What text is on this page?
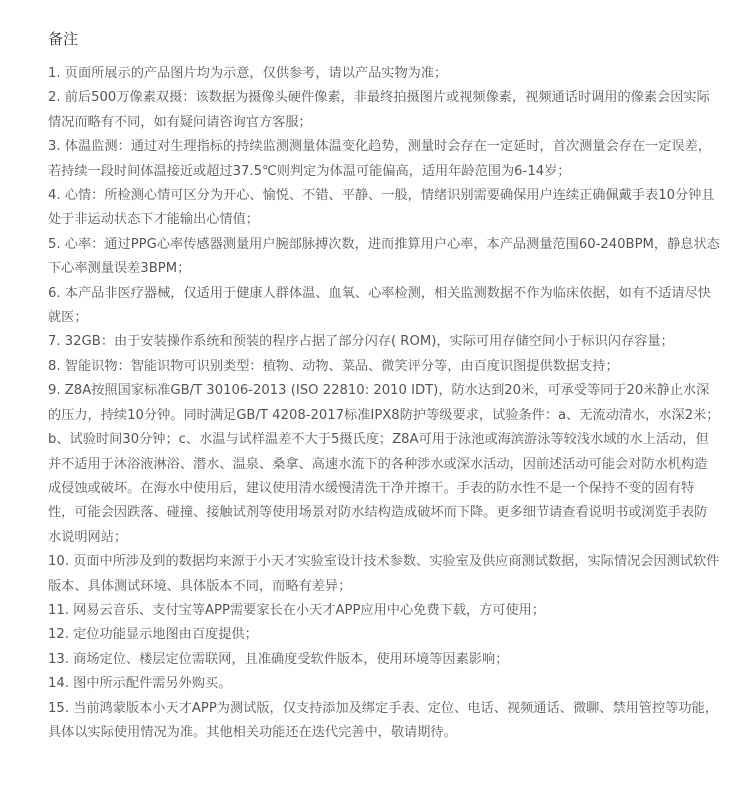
备注
1. 页面所展示的产品图片均为示意，仅供参考，请以产品实物为准；
2. 前后500万像素双摄：该数据为摄像头硬件像素，非最终拍摄图片或视频像素，视频通话时调用的像素会因实际情况而略有不同，如有疑问请咨询官方客服；
3. 体温监测：通过对生理指标的持续监测测量体温变化趋势，测量时会存在一定延时，首次测量会存在一定误差，若持续一段时间体温接近或超过37.5℃则判定为体温可能偏高，适用年龄范围为6-14岁；
4. 心情：所检测心情可区分为开心、愉悦、不错、平静、一般，情绪识别需要确保用户连续正确佩戴手表10分钟且处于非运动状态下才能输出心情值；
5. 心率：通过PPG心率传感器测量用户腕部脉搏次数，进而推算用户心率，本产品测量范围60-240BPM，静息状态下心率测量误差3BPM；
6. 本产品非医疗器械，仅适用于健康人群体温、血氧、心率检测，相关监测数据不作为临床依据，如有不适请尽快就医；
7. 32GB：由于安装操作系统和预装的程序占据了部分闪存( ROM)，实际可用存储空间小于标识闪存容量；
8. 智能识物：智能识物可识别类型：植物、动物、菜品、微笑评分等，由百度识图提供数据支持；
9. Z8A按照国家标准GB/T 30106-2013 (ISO 22810: 2010 IDT)，防水达到20米，可承受等同于20米静止水深的压力，持续10分钟。同时满足GB/T 4208-2017标准IPX8防护等级要求，试验条件：a、无流动清水，水深2米； b、试验时间30分钟；c、水温与试样温差不大于5摄氏度；Z8A可用于泳池或海滨游泳等较浅水域的水上活动，但并不适用于沐浴液淋浴、潜水、温泉、桑拿、高速水流下的各种涉水或深水活动，因前述活动可能会对防水机构造成侵蚀或破坏。在海水中使用后，建议使用清水缓慢清洗干净并擦干。手表的防水性不是一个保持不变的固有特性，可能会因跌落、碰撞、接触试剂等使用场景对防水结构造成破坏而下降。更多细节请查看说明书或浏览手表防水说明网站；
10. 页面中所涉及到的数据均来源于小天才实验室设计技术参数、实验室及供应商测试数据，实际情况会因测试软件版本、具体测试环境、具体版本不同，而略有差异；
11. 网易云音乐、支付宝等APP需要家长在小天才APP应用中心免费下载，方可使用；
12. 定位功能显示地图由百度提供；
13. 商场定位、楼层定位需联网，且准确度受软件版本，使用环境等因素影响；
14. 图中所示配件需另外购买。
15. 当前鸿蒙版本小天才APP为测试版，仅支持添加及绑定手表、定位、电话、视频通话、微聊、禁用管控等功能，具体以实际使用情况为准。其他相关功能还在迭代完善中，敬请期待。
